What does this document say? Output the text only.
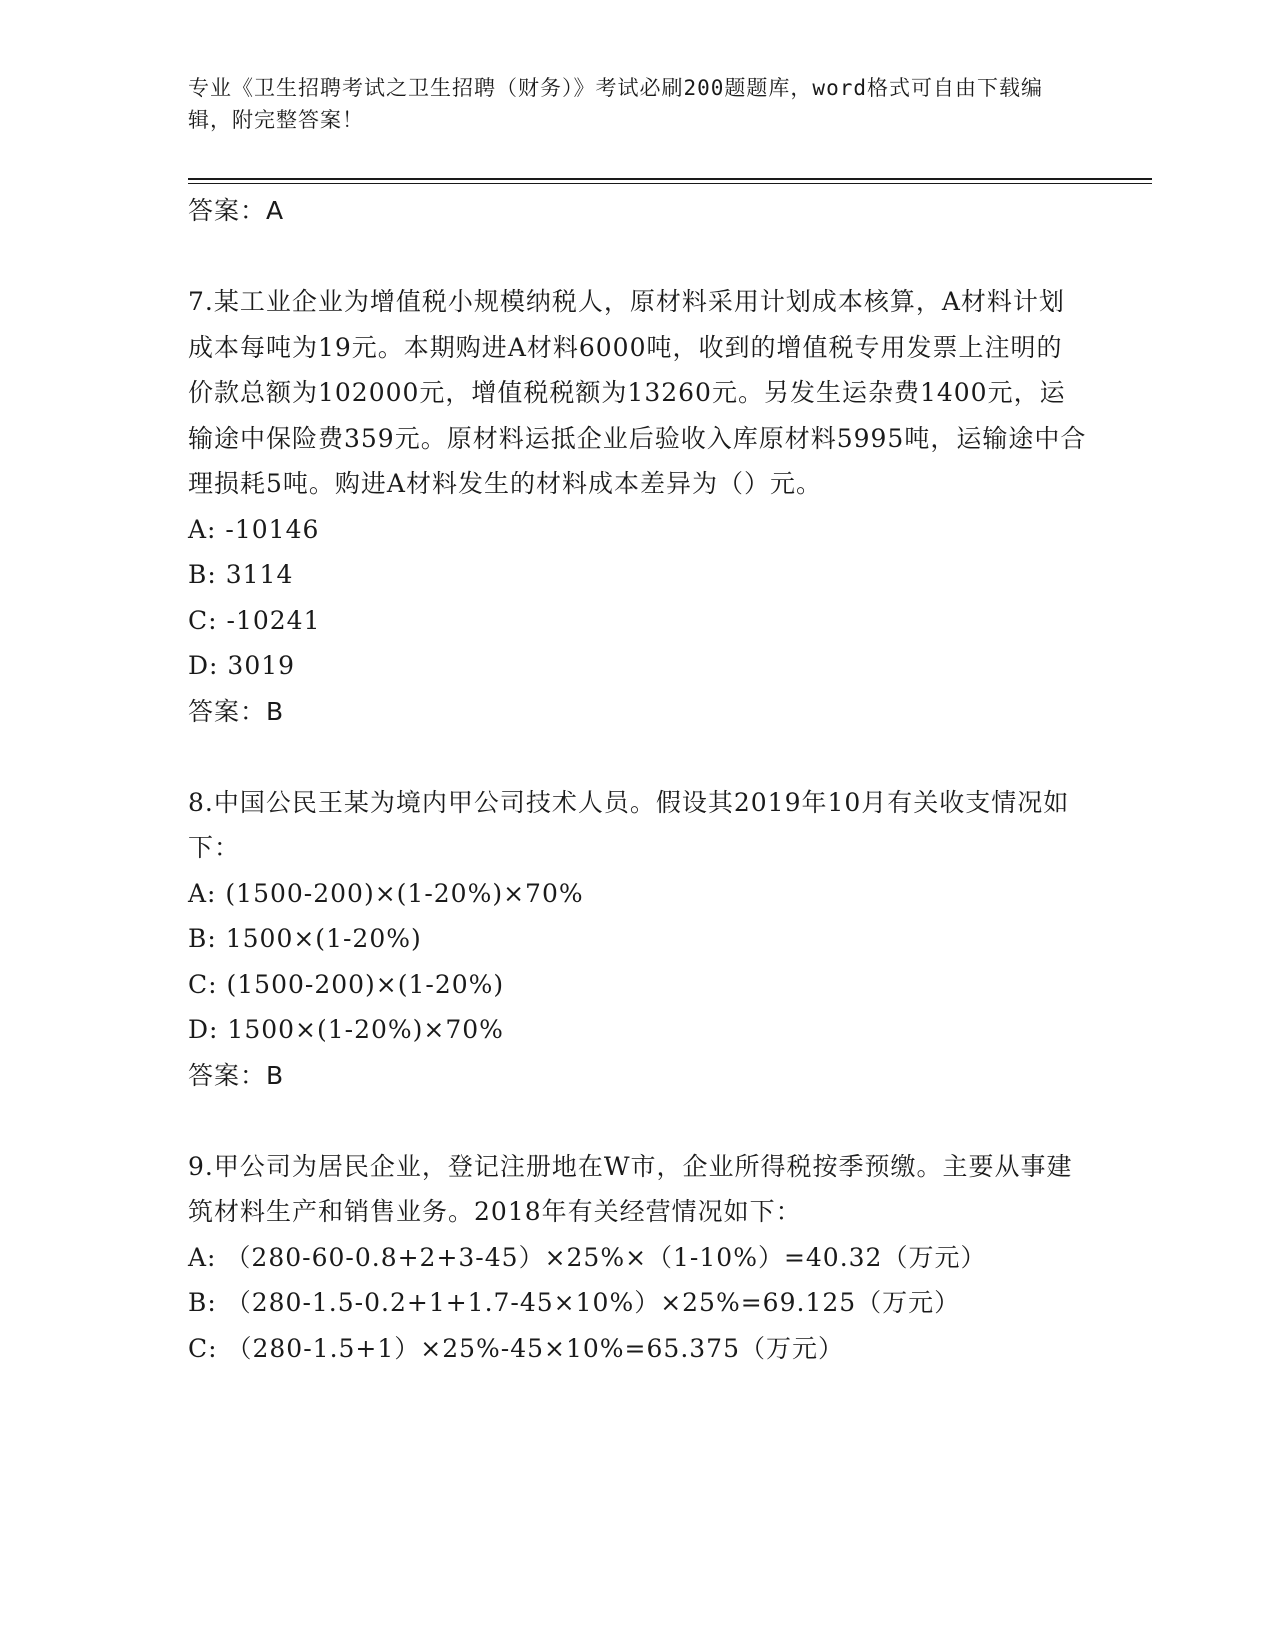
专业《卫生招聘考试之卫生招聘（财务）》考试必刷200题题库，word格式可自由下载编辑，附完整答案！
答案：A

7.某工业企业为增值税小规模纳税人，原材料采用计划成本核算，A材料计划成本每吨为19元。本期购进A材料6000吨，收到的增值税专用发票上注明的价款总额为102000元，增值税税额为13260元。另发生运杂费1400元，运输途中保险费359元。原材料运抵企业后验收入库原材料5995吨，运输途中合理损耗5吨。购进A材料发生的材料成本差异为（）元。

A: -10146

B: 3114

C: -10241

D: 3019

答案：B

8.中国公民王某为境内甲公司技术人员。假设其2019年10月有关收支情况如下：

A: (1500-200)×(1-20%)×70%

B: 1500×(1-20%)

C: (1500-200)×(1-20%)

D: 1500×(1-20%)×70%

答案：B

9.甲公司为居民企业，登记注册地在W市，企业所得税按季预缴。主要从事建筑材料生产和销售业务。2018年有关经营情况如下：

A: （280-60-0.8+2+3-45）×25%×（1-10%）=40.32（万元）

B: （280-1.5-0.2+1+1.7-45×10%）×25%=69.125（万元）

C: （280-1.5+1）×25%-45×10%=65.375（万元）
